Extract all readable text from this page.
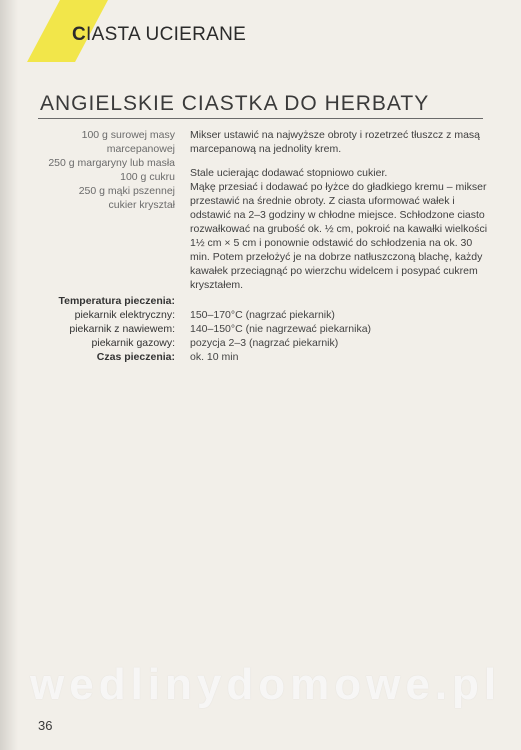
CIASTA UCIERANE
ANGIELSKIE CIASTKA DO HERBATY
100 g surowej masy
marcepanowej
250 g margaryny lub masła
100 g cukru
250 g mąki pszennej
cukier kryształ

Mikser ustawić na najwyższe obroty i rozetrzeć tłuszcz z masą marcepanową na jednolity krem.

Stale ucierając dodawać stopniowo cukier.

Mąkę przesiać i dodawać po łyżce do gładkiego kremu – mikser przestawić na średnie obroty. Z ciasta uformować wałek i odstawić na 2–3 godziny w chłodne miejsce. Schłodzone ciasto rozwałkować na grubość ok. ½ cm, pokroić na kawałki wielkości 1½ cm × 5 cm i ponownie odstawić do schłodzenia na ok. 30 min. Potem przełożyć je na dobrze natłuszczoną blachę, każdy kawałek przeciągnąć po wierzchu widelcem i posypać cukrem kryształem.

Temperatura pieczenia:
piekarnik elektryczny:
piekarnik z nawiewem:
piekarnik gazowy:
Czas pieczenia:
150–170°C (nagrzać piekarnik)
140–150°C (nie nagrzewać piekarnika)
pozycja 2–3 (nagrzać piekarnik)
ok. 10 min
wedlinydomowe.pl
36
